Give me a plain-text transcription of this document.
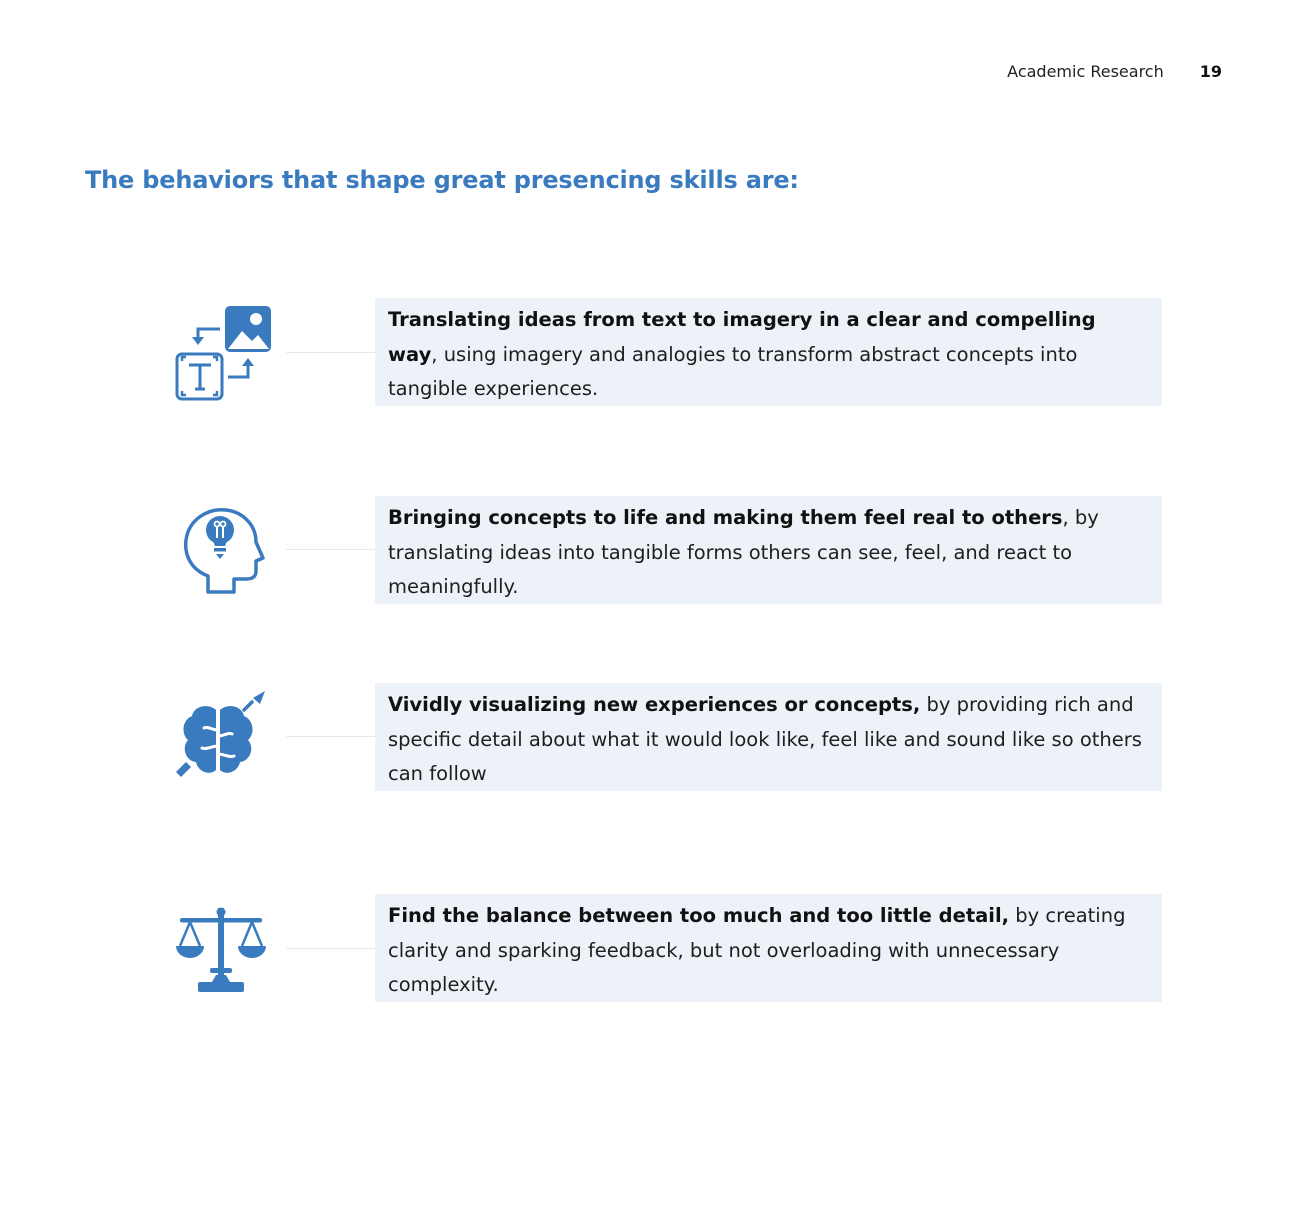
Academic Research 19
The behaviors that shape great presencing skills are:
Translating ideas from text to imagery in a clear and compelling way, using imagery and analogies to transform abstract concepts into tangible experiences.
Bringing concepts to life and making them feel real to others, by translating ideas into tangible forms others can see, feel, and react to meaningfully.
Vividly visualizing new experiences or concepts, by providing rich and specific detail about what it would look like, feel like and sound like so others can follow
Find the balance between too much and too little detail, by creating clarity and sparking feedback, but not overloading with unnecessary complexity.
